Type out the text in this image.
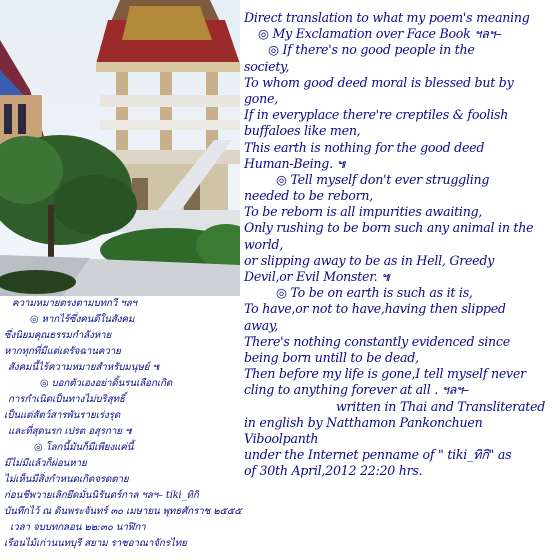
ความหมายตรงตามบทกวี ฯลฯ

◎ หากไร้ซึ่งคนดีในสังคม

ซึ่งนิยมคุณธรรมกำลังหาย

หากทุกที่มีแต่เดรัจฉานควาย

สังคมนี้ไร้ความหมายสำหรับมนุษย์ ๚

◎ บอกตัวเองอย่าดิ้นรนเลือกเกิด

การกำเนิดเป็นทางไม่บริสุทธิ์

เป็นแต่สัตว์สารพันรายเร่งรุด

และที่สุดนรก เปรต อสุรกาย ๚

◎ โลกนี้มันก็มีเพียงแค่นี้

มีไม่มีแล้วก็ผ่อนหาย

ไม่เห็นมีสิ่งกำหนดเกิดจรดตาย

ก่อนชีพวายเลิกยึดมั่นนิรันดร์กาล ฯลฯ– tiki_ทิกิ

บันทึกไว้ ณ ดินพระจันทร์ ๓๐ เมษายน พุทธศักราช ๒๕๕๕

เวลา จบบทกลอน ๒๒:๓๐ นาฬิกา

เรือนไม้เก่านนทบุรี สยาม ราชอาณาจักรไทย

Direct translation to what my poem's meaning
◎ My Exclamation over Face Book ฯลฯ–
◎ If there's no good people in the
society,
To whom good deed moral is blessed but by
gone,
If in everyplace there're creptiles & foolish
buffaloes like men,
This earth is nothing for the good deed
Human-Being. ๚
◎ Tell myself don't ever struggling
needed to be reborn,
To be reborn is all impurities awaiting,
Only rushing to be born such any animal in the
world,
or slipping away to be as in Hell, Greedy
Devil,or Evil Monster. ๚
◎ To be on earth is such as it is,
To have,or not to have,having then slipped
away,
There's nothing constantly evidenced since
being born untill to be dead,
Then before my life is gone,I tell myself never
cling to anything forever at all . ฯลฯ–
written in Thai and Transliterated
in english by Natthamon Pankonchuen
Viboolpanth
under the Internet penname of " tiki_ทิกิ" as
of 30th April,2012 22:20 hrs.
